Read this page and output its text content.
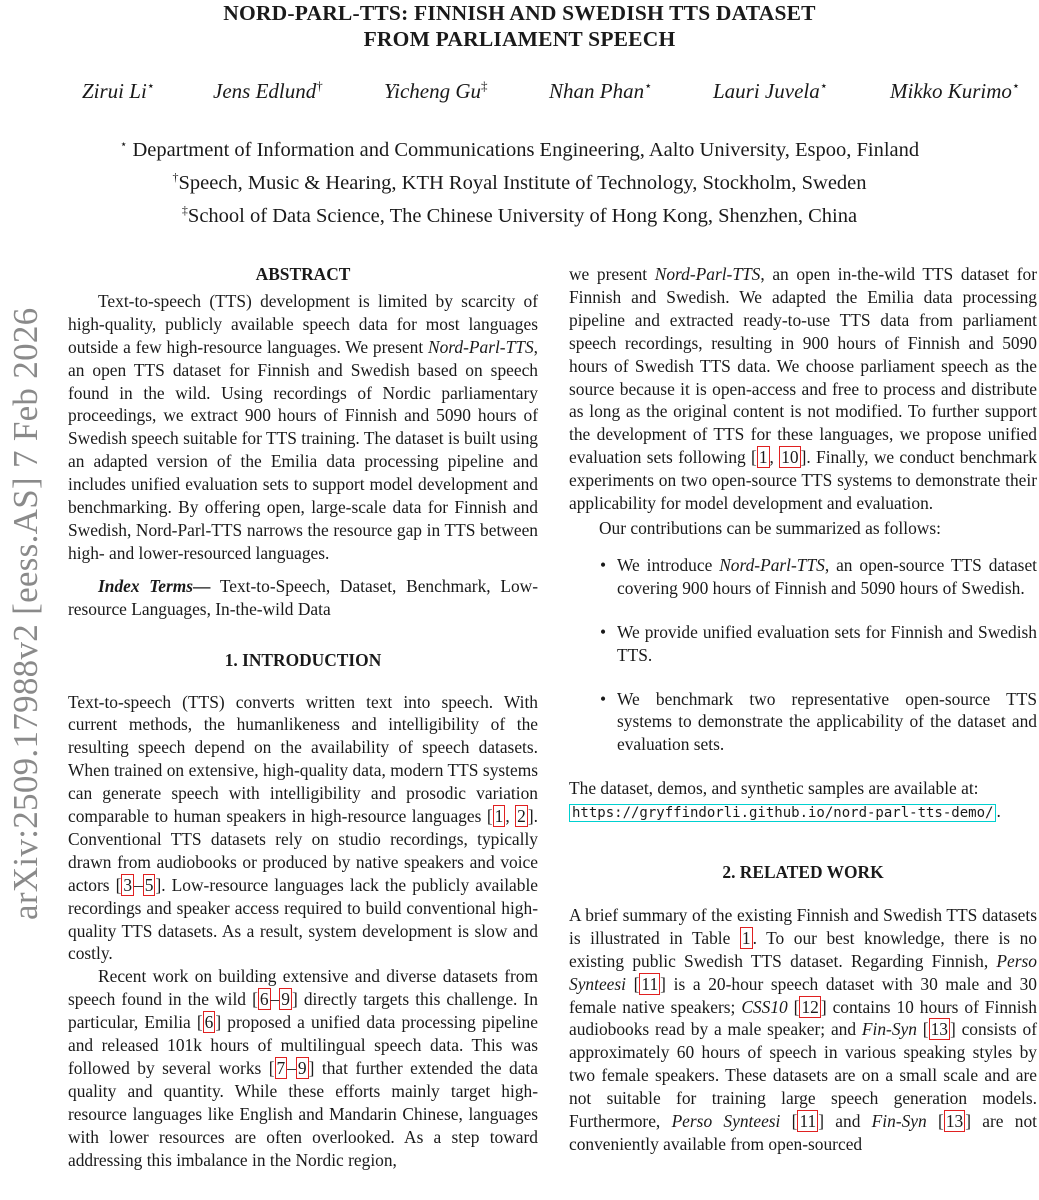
NORD-PARL-TTS: FINNISH AND SWEDISH TTS DATASET
FROM PARLIAMENT SPEECH
Zirui Li⋆	Jens Edlund†	Yicheng Gu‡	Nhan Phan⋆	Lauri Juvela⋆	Mikko Kurimo⋆
⋆ Department of Information and Communications Engineering, Aalto University, Espoo, Finland
†Speech, Music & Hearing, KTH Royal Institute of Technology, Stockholm, Sweden
‡School of Data Science, The Chinese University of Hong Kong, Shenzhen, China
arXiv:2509.17988v2 [eess.AS] 7 Feb 2026
ABSTRACT

Text-to-speech (TTS) development is limited by scarcity of high-quality, publicly available speech data for most languages outside a few high-resource languages. We present Nord-Parl-TTS, an open TTS dataset for Finnish and Swedish based on speech found in the wild. Using recordings of Nordic parliamentary proceedings, we extract 900 hours of Finnish and 5090 hours of Swedish speech suitable for TTS training. The dataset is built using an adapted version of the Emilia data processing pipeline and includes unified evaluation sets to support model development and benchmarking. By offering open, large-scale data for Finnish and Swedish, Nord-Parl-TTS narrows the resource gap in TTS between high- and lower-resourced languages.

Index Terms— Text-to-Speech, Dataset, Benchmark, Low-resource Languages, In-the-wild Data

1. INTRODUCTION

Text-to-speech (TTS) converts written text into speech. With current methods, the humanlikeness and intelligibility of the resulting speech depend on the availability of speech datasets. When trained on extensive, high-quality data, modern TTS systems can generate speech with intelligibility and prosodic variation comparable to human speakers in high-resource languages [ 1 , 2 ]. Conventional TTS datasets rely on studio recordings, typically drawn from audiobooks or produced by native speakers and voice actors [ 3 – 5 ]. Low-resource languages lack the publicly available recordings and speaker access required to build conventional high-quality TTS datasets. As a result, system development is slow and costly.

Recent work on building extensive and diverse datasets from speech found in the wild [ 6 – 9 ] directly targets this challenge. In particular, Emilia [ 6 ] proposed a unified data processing pipeline and released 101k hours of multilingual speech data. This was followed by several works [ 7 – 9 ] that further extended the data quality and quantity. While these efforts mainly target high-resource languages like English and Mandarin Chinese, languages with lower resources are often overlooked. As a step toward addressing this imbalance in the Nordic region,

we present Nord-Parl-TTS, an open in-the-wild TTS dataset for Finnish and Swedish. We adapted the Emilia data processing pipeline and extracted ready-to-use TTS data from parliament speech recordings, resulting in 900 hours of Finnish and 5090 hours of Swedish TTS data. We choose parliament speech as the source because it is open-access and free to process and distribute as long as the original content is not modified. To further support the development of TTS for these languages, we propose unified evaluation sets following [ 1 , 10 ]. Finally, we conduct benchmark experiments on two open-source TTS systems to demonstrate their applicability for model development and evaluation.

Our contributions can be summarized as follows:

• We introduce Nord-Parl-TTS, an open-source TTS dataset covering 900 hours of Finnish and 5090 hours of Swedish.
• We provide unified evaluation sets for Finnish and Swedish TTS.
• We benchmark two representative open-source TTS systems to demonstrate the applicability of the dataset and evaluation sets.

The dataset, demos, and synthetic samples are available at:
https://gryffindorli.github.io/nord-parl-tts-demo/ .

2. RELATED WORK

A brief summary of the existing Finnish and Swedish TTS datasets is illustrated in Table 1 . To our best knowledge, there is no existing public Swedish TTS dataset. Regarding Finnish, Perso Synteesi [ 11 ] is a 20-hour speech dataset with 30 male and 30 female native speakers; CSS10 [ 12 ] contains 10 hours of Finnish audiobooks read by a male speaker; and Fin-Syn [ 13 ] consists of approximately 60 hours of speech in various speaking styles by two female speakers. These datasets are on a small scale and are not suitable for training large speech generation models. Furthermore, Perso Synteesi [ 11 ] and Fin-Syn [ 13 ] are not conveniently available from open-sourced
